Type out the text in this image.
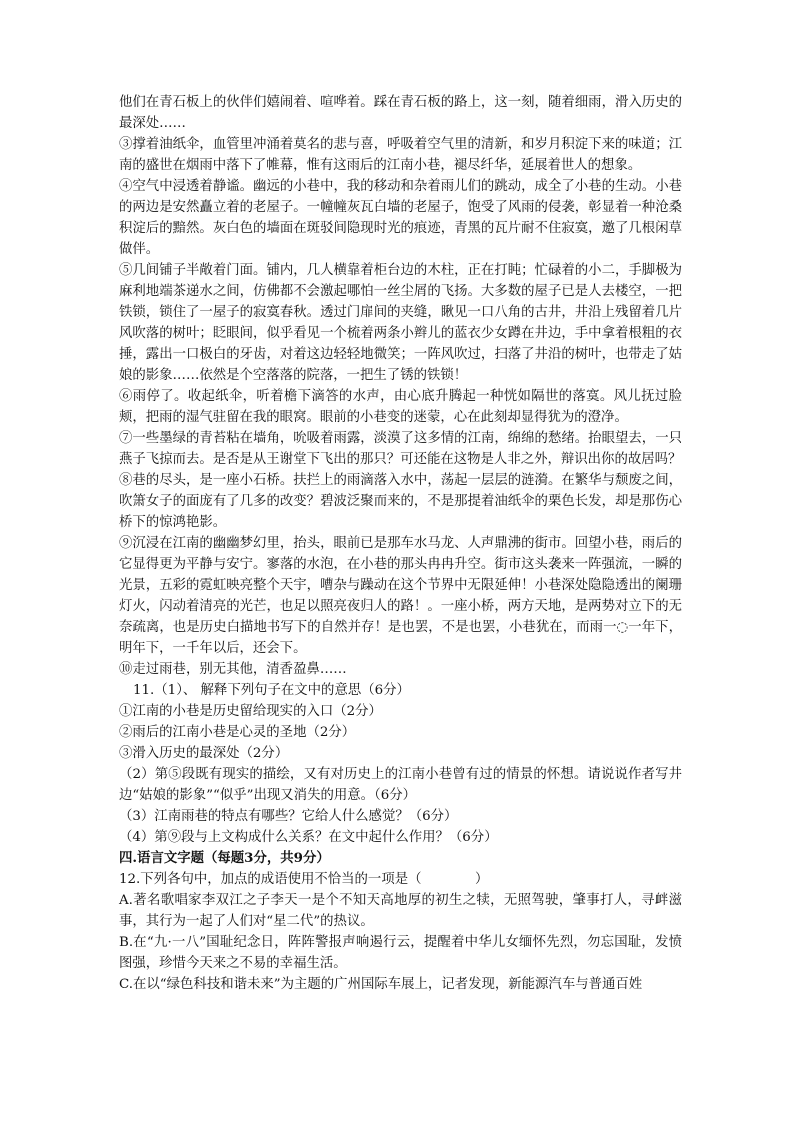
他们在青石板上的伙伴们嬉闹着、喧哗着。踩在青石板的路上，这一刻，随着细雨，滑入历史的最深处……

③撑着油纸伞，血管里冲涌着莫名的悲与喜，呼吸着空气里的清新，和岁月积淀下来的味道；江南的盛世在烟雨中落下了帷幕，惟有这雨后的江南小巷，褪尽纤华，延展着世人的想象。

④空气中浸透着静谧。幽远的小巷中，我的移动和杂着雨儿们的跳动，成全了小巷的生动。小巷的两边是安然矗立着的老屋子。一幢幢灰瓦白墙的老屋子，饱受了风雨的侵袭，彰显着一种沧桑积淀后的黯然。灰白色的墙面在斑驳间隐现时光的痕迹，青黑的瓦片耐不住寂寞，邀了几根闲草做伴。

⑤几间铺子半敞着门面。铺内，几人横靠着柜台边的木柱，正在打盹；忙碌着的小二，手脚极为麻利地端茶递水之间，仿佛都不会激起哪怕一丝尘屑的飞扬。大多数的屋子已是人去楼空，一把铁锁，锁住了一屋子的寂寞春秋。透过门扉间的夹缝，瞅见一口八角的古井，井沿上残留着几片风吹落的树叶；眨眼间，似乎看见一个梳着两条小辫儿的蓝衣少女蹲在井边，手中拿着根粗的衣捶，露出一口极白的牙齿，对着这边轻轻地微笑；一阵风吹过，扫落了井沿的树叶，也带走了姑娘的影象……依然是个空落落的院落，一把生了锈的铁锁！

⑥雨停了。收起纸伞，听着檐下滴答的水声，由心底升腾起一种恍如隔世的落寞。风儿抚过脸颊，把雨的湿气驻留在我的眼窝。眼前的小巷变的迷蒙，心在此刻却显得犹为的澄净。

⑦一些墨绿的青苔粘在墙角，吮吸着雨露，淡漠了这多情的江南，绵绵的愁绪。抬眼望去，一只燕子飞掠而去。是否是从王谢堂下飞出的那只？可还能在这物是人非之外，辩识出你的故居吗？

⑧巷的尽头，是一座小石桥。扶拦上的雨滴落入水中，荡起一层层的涟漪。在繁华与颓废之间，吹箫女子的面庞有了几多的改变？碧波泛聚而来的，不是那提着油纸伞的栗色长发，却是那伤心桥下的惊鸿艳影。

⑨沉浸在江南的幽幽梦幻里，抬头，眼前已是那车水马龙、人声鼎沸的街市。回望小巷，雨后的它显得更为平静与安宁。寥落的水泡，在小巷的那头冉冉升空。街市这头袭来一阵强流，一瞬的光景，五彩的霓虹映亮整个天宇，嘈杂与躁动在这个节界中无限延伸！小巷深处隐隐透出的阑珊灯火，闪动着清亮的光芒，也足以照亮夜归人的路！。一座小桥，两方天地，是两势对立下的无奈疏离，也是历史白描地书写下的自然并存！是也罢，不是也罢，小巷犹在，而雨一◌一年下，明年下，一千年以后，还会下。

⑩走过雨巷，别无其他，清香盈鼻……

11.（1）、 解释下列句子在文中的意思（6分）

①江南的小巷是历史留给现实的入口（2分）

②雨后的江南小巷是心灵的圣地（2分）

③滑入历史的最深处（2分）

（2）第⑤段既有现实的描绘，又有对历史上的江南小巷曾有过的情景的怀想。请说说作者写井边“姑娘的影象”“似乎”出现又消失的用意。（6分）

（3）江南雨巷的特点有哪些？它给人什么感觉？（6分）

（4）第⑨段与上文构成什么关系？在文中起什么作用？（6分）

四.语言文字题（每题3分，共9分）

12.下列各句中，加点的成语使用不恰当的一项是（　　　　）

A.著名歌唱家李双江之子李天一是个不知天高地厚的初生之犊，无照驾驶，肇事打人，寻衅滋事，其行为一起了人们对“星二代”的热议。

B.在“九·一八”国耻纪念日，阵阵警报声响遏行云，提醒着中华儿女缅怀先烈，勿忘国耻，发愤图强，珍惜今天来之不易的幸福生活。

C.在以“绿色科技和谐未来”为主题的广州国际车展上，记者发现，新能源汽车与普通百姓
